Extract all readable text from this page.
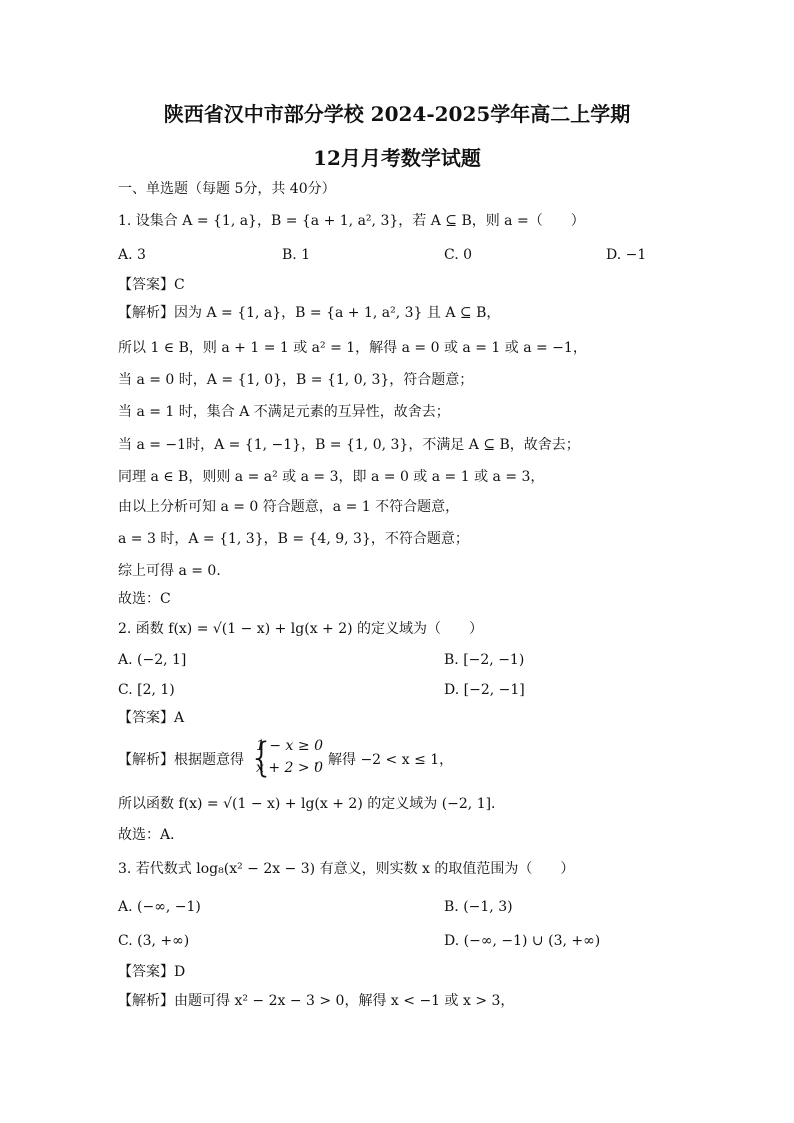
陕西省汉中市部分学校 2024-2025学年高二上学期
12月月考数学试题
一、单选题（每题 5分，共 40分）
1. 设集合 A = {1, a}，B = {a + 1, a², 3}，若 A ⊆ B，则 a =（　　）
A. 3	B. 1	C. 0	D. −1
【答案】C
【解析】因为 A = {1, a}，B = {a + 1, a², 3} 且 A ⊆ B，
所以 1 ∈ B，则 a + 1 = 1 或 a² = 1，解得 a = 0 或 a = 1 或 a = −1，
当 a = 0 时，A = {1, 0}，B = {1, 0, 3}，符合题意；
当 a = 1 时，集合 A 不满足元素的互异性，故舍去；
当 a = −1时，A = {1, −1}，B = {1, 0, 3}，不满足 A ⊆ B，故舍去；
同理 a ∈ B，则则 a = a² 或 a = 3，即 a = 0 或 a = 1 或 a = 3，
由以上分析可知 a = 0 符合题意，a = 1 不符合题意，
a = 3 时，A = {1, 3}，B = {4, 9, 3}，不符合题意；
综上可得 a = 0．
故选：C
2. 函数 f(x) = √(1 − x) + lg(x + 2) 的定义域为（　　）
A. (−2, 1]	B. [−2, −1)
C. [2, 1)	D. [−2, −1]
【答案】A
【解析】根据题意得 {
1 − x ≥ 0
x + 2 > 0
，解得 −2 < x ≤ 1，
所以函数 f(x) = √(1 − x) + lg(x + 2) 的定义域为 (−2, 1]．
故选：A．
3. 若代数式 log₈(x² − 2x − 3) 有意义，则实数 x 的取值范围为（　　）
A. (−∞, −1)	B. (−1, 3)
C. (3, +∞)	D. (−∞, −1) ∪ (3, +∞)
【答案】D
【解析】由题可得 x² − 2x − 3 > 0，解得 x < −1 或 x > 3，
